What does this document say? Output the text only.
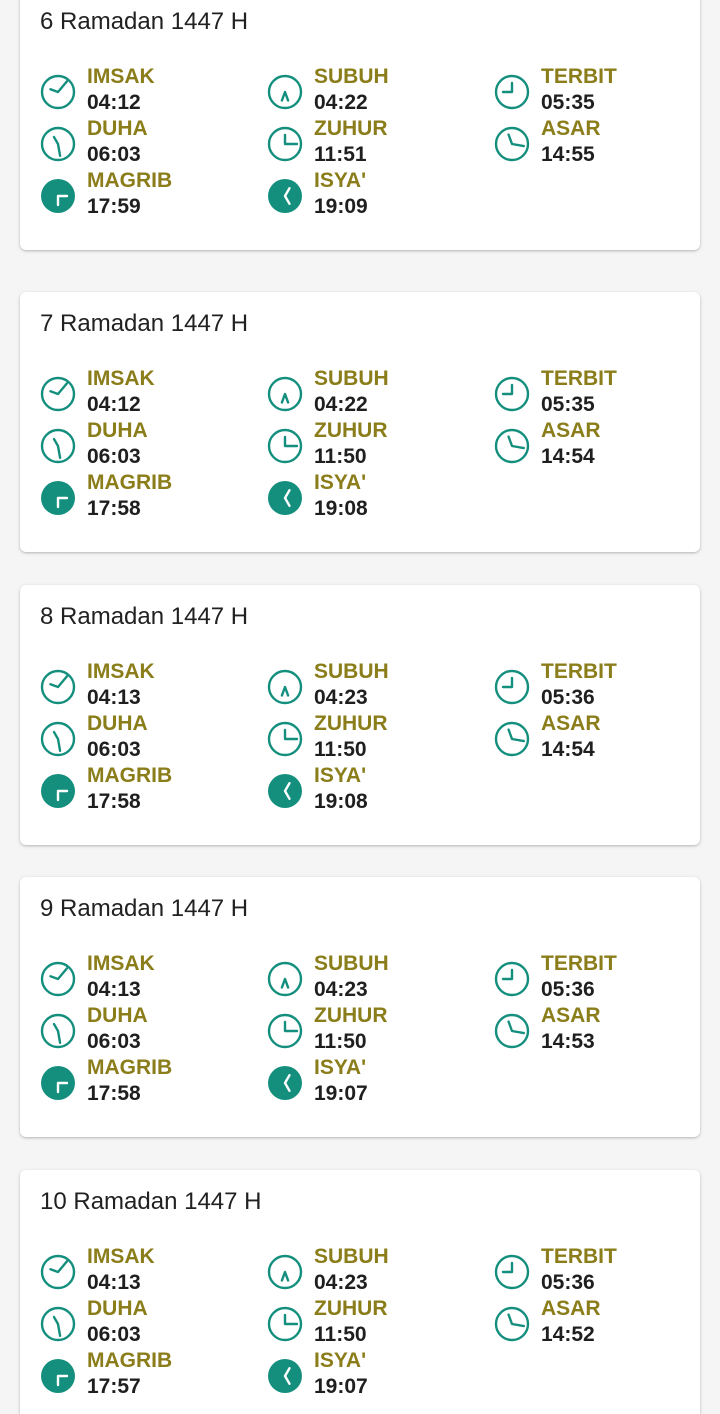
6 Ramadan 1447 H
IMSAK
04:12
SUBUH
04:22
TERBIT
05:35
DUHA
06:03
ZUHUR
11:51
ASAR
14:55
MAGRIB
17:59
ISYA'
19:09
7 Ramadan 1447 H
IMSAK
04:12
SUBUH
04:22
TERBIT
05:35
DUHA
06:03
ZUHUR
11:50
ASAR
14:54
MAGRIB
17:58
ISYA'
19:08
8 Ramadan 1447 H
IMSAK
04:13
SUBUH
04:23
TERBIT
05:36
DUHA
06:03
ZUHUR
11:50
ASAR
14:54
MAGRIB
17:58
ISYA'
19:08
9 Ramadan 1447 H
IMSAK
04:13
SUBUH
04:23
TERBIT
05:36
DUHA
06:03
ZUHUR
11:50
ASAR
14:53
MAGRIB
17:58
ISYA'
19:07
10 Ramadan 1447 H
IMSAK
04:13
SUBUH
04:23
TERBIT
05:36
DUHA
06:03
ZUHUR
11:50
ASAR
14:52
MAGRIB
17:57
ISYA'
19:07
